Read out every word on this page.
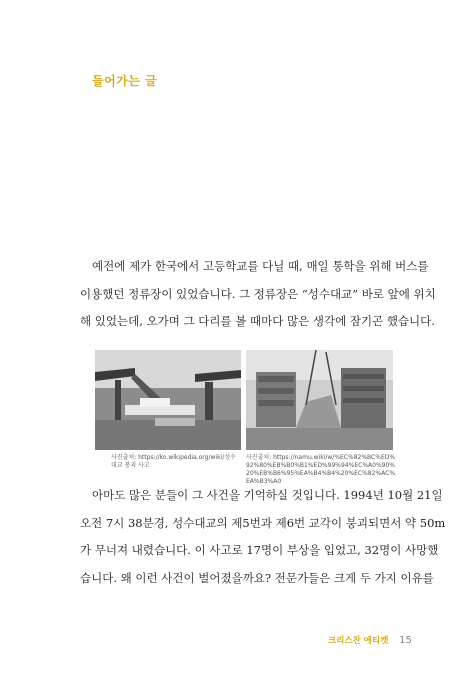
들어가는 글

예전에 제가 한국에서 고등학교를 다닐 때, 매일 통학을 위해 버스를
이용했던 정류장이 있었습니다. 그 정류장은 “성수대교” 바로 앞에 위치
해 있었는데, 오가며 그 다리를 볼 때마다 많은 생각에 잠기곤 했습니다.

사진출처: https://ko.wikipedia.org/wiki/성수대교 붕괴 사고
사진출처: https://namu.wiki/w/%EC%82%BC%ED%92%80%EB%B0%B1%ED%99%94%EC%A0%90%20%EB%B6%95%EA%B4%B4%20%EC%82%AC%EA%B3%A0

아마도 많은 분들이 그 사건을 기억하실 것입니다. 1994년 10월 21일
오전 7시 38분경, 성수대교의 제5번과 제6번 교각이 붕괴되면서 약 50m
가 무너져 내렸습니다. 이 사고로 17명이 부상을 입었고, 32명이 사망했
습니다. 왜 이런 사건이 벌어졌을까요? 전문가들은 크게 두 가지 이유를

크리스찬 에티켓 15
